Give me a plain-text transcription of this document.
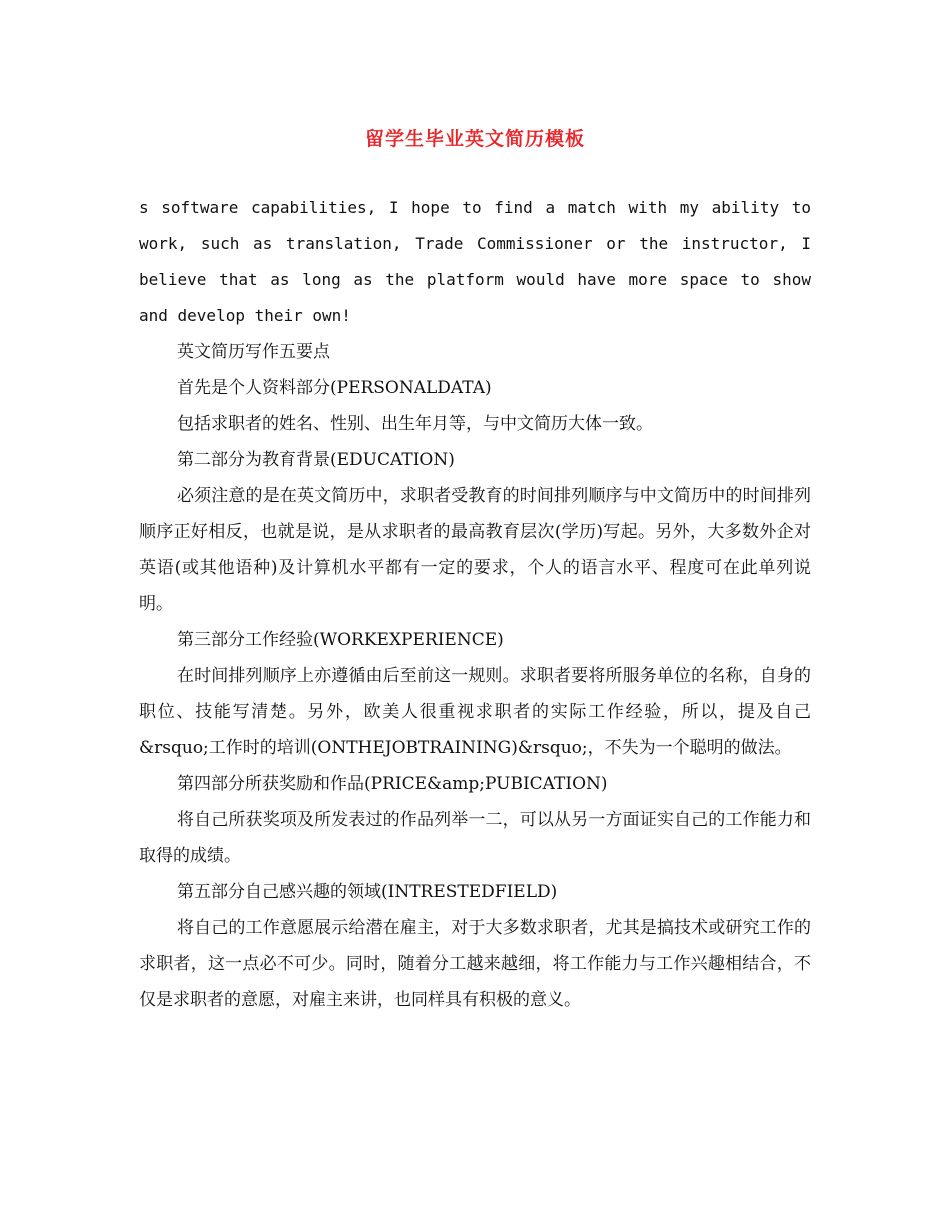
留学生毕业英文简历模板

s software capabilities, I hope to find a match with my ability to work, such as translation, Trade Commissioner or the instructor, I believe that as long as the platform would have more space to show and develop their own!

英文简历写作五要点

首先是个人资料部分(PERSONALDATA)

包括求职者的姓名、性别、出生年月等，与中文简历大体一致。

第二部分为教育背景(EDUCATION)

必须注意的是在英文简历中，求职者受教育的时间排列顺序与中文简历中的时间排列顺序正好相反，也就是说，是从求职者的最高教育层次(学历)写起。另外，大多数外企对英语(或其他语种)及计算机水平都有一定的要求，个人的语言水平、程度可在此单列说明。

第三部分工作经验(WORKEXPERIENCE)

在时间排列顺序上亦遵循由后至前这一规则。求职者要将所服务单位的名称，自身的职位、技能写清楚。另外，欧美人很重视求职者的实际工作经验，所以，提及自己&rsquo;工作时的培训(ONTHEJOBTRAINING)&rsquo;，不失为一个聪明的做法。

第四部分所获奖励和作品(PRICE&amp;PUBICATION)

将自己所获奖项及所发表过的作品列举一二，可以从另一方面证实自己的工作能力和取得的成绩。

第五部分自己感兴趣的领域(INTRESTEDFIELD)

将自己的工作意愿展示给潜在雇主，对于大多数求职者，尤其是搞技术或研究工作的求职者，这一点必不可少。同时，随着分工越来越细，将工作能力与工作兴趣相结合，不仅是求职者的意愿，对雇主来讲，也同样具有积极的意义。
